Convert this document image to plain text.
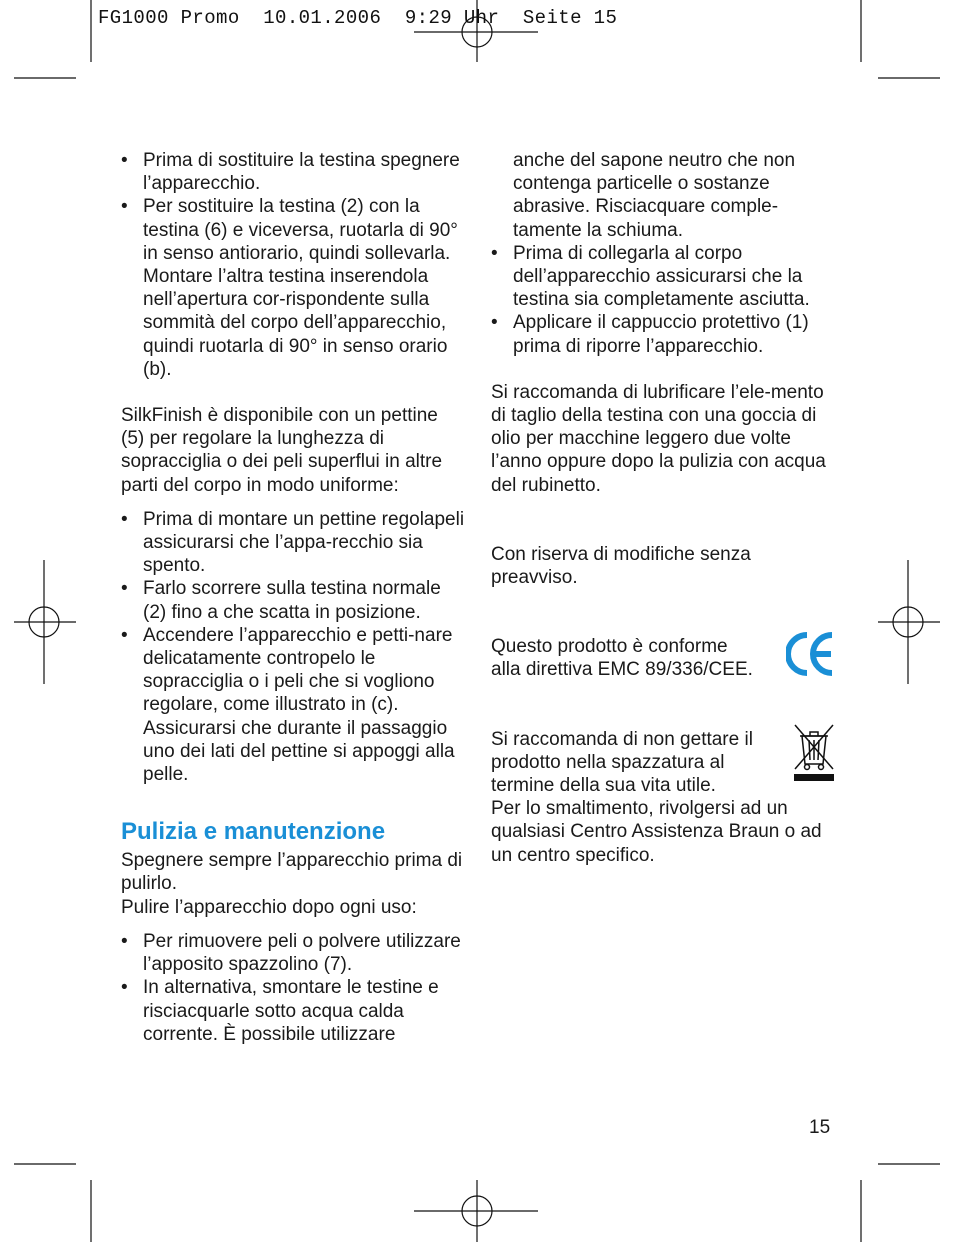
FG1000 Promo  10.01.2006  9:29 Uhr  Seite 15
• Prima di sostituire la testina spegnere l’apparecchio.
• Per sostituire la testina (2) con la testina (6) e viceversa, ruotarla di 90° in senso antiorario, quindi sollevarla. Montare l’altra testina inserendola nell’apertura cor-rispondente sulla sommità del corpo dell’apparecchio, quindi ruotarla di 90° in senso orario (b).

SilkFinish è disponibile con un pettine (5) per regolare la lunghezza di sopracciglia o dei peli superflui in altre parti del corpo in modo uniforme:

• Prima di montare un pettine regolapeli assicurarsi che l’appa-recchio sia spento.
• Farlo scorrere sulla testina normale (2) fino a che scatta in posizione.
• Accendere l’apparecchio e petti-nare delicatamente contropelo le sopracciglia o i peli che si vogliono regolare, come illustrato in (c). Assicurarsi che durante il passaggio uno dei lati del pettine si appoggi alla pelle.
Pulizia e manutenzione

Spegnere sempre l’apparecchio prima di pulirlo.

Pulire l’apparecchio dopo ogni uso:

• Per rimuovere peli o polvere utilizzare l’apposito spazzolino (7).
• In alternativa, smontare le testine e risciacquarle sotto acqua calda corrente. È possibile utilizzare

anche del sapone neutro che non contenga particelle o sostanze abrasive. Risciacquare comple-tamente la schiuma.

• Prima di collegarla al corpo dell’apparecchio assicurarsi che la testina sia completamente asciutta.
• Applicare il cappuccio protettivo (1) prima di riporre l’apparecchio.

Si raccomanda di lubrificare l’ele-mento di taglio della testina con una goccia di olio per macchine leggero due volte l’anno oppure dopo la pulizia con acqua del rubinetto.

Con riserva di modifiche senza preavviso.

Questo prodotto è conforme alla direttiva EMC 89/336/CEE.

Si raccomanda di non gettare il prodotto nella spazzatura al termine della sua vita utile.

Per lo smaltimento, rivolgersi ad un qualsiasi Centro Assistenza Braun o ad un centro specifico.

15
